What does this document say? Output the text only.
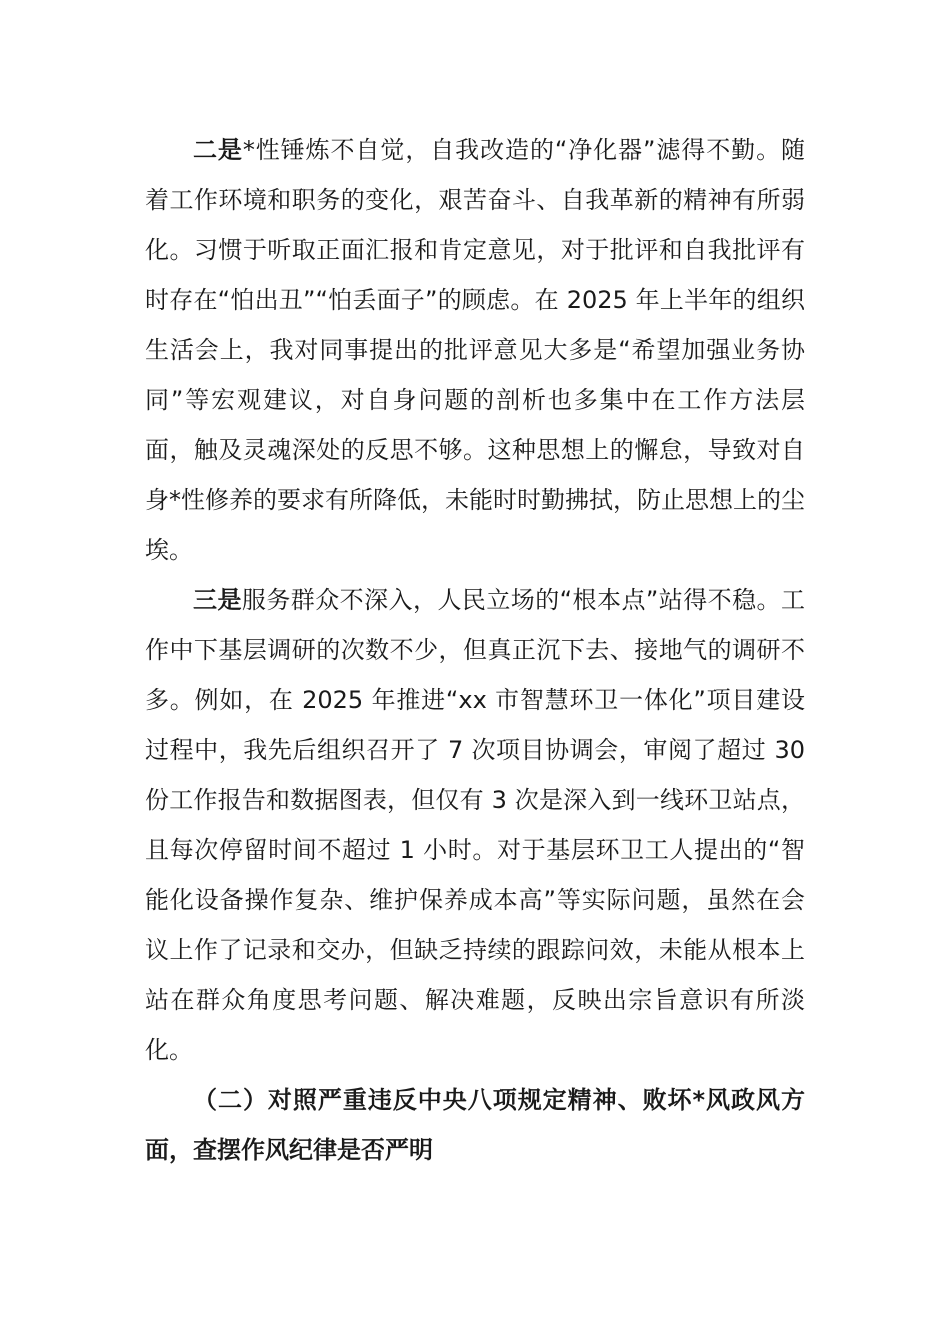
二是*性锤炼不自觉，自我改造的“净化器”滤得不勤。随着工作环境和职务的变化，艰苦奋斗、自我革新的精神有所弱化。习惯于听取正面汇报和肯定意见，对于批评和自我批评有时存在“怕出丑”“怕丢面子”的顾虑。在 2025 年上半年的组织生活会上，我对同事提出的批评意见大多是“希望加强业务协同”等宏观建议，对自身问题的剖析也多集中在工作方法层面，触及灵魂深处的反思不够。这种思想上的懈怠，导致对自身*性修养的要求有所降低，未能时时勤拂拭，防止思想上的尘埃。

三是服务群众不深入，人民立场的“根本点”站得不稳。工作中下基层调研的次数不少，但真正沉下去、接地气的调研不多。例如，在 2025 年推进“xx 市智慧环卫一体化”项目建设过程中，我先后组织召开了 7 次项目协调会，审阅了超过 30 份工作报告和数据图表，但仅有 3 次是深入到一线环卫站点，且每次停留时间不超过 1 小时。对于基层环卫工人提出的“智能化设备操作复杂、维护保养成本高”等实际问题，虽然在会议上作了记录和交办，但缺乏持续的跟踪问效，未能从根本上站在群众角度思考问题、解决难题，反映出宗旨意识有所淡化。

（二）对照严重违反中央八项规定精神、败坏*风政风方面，查摆作风纪律是否严明
